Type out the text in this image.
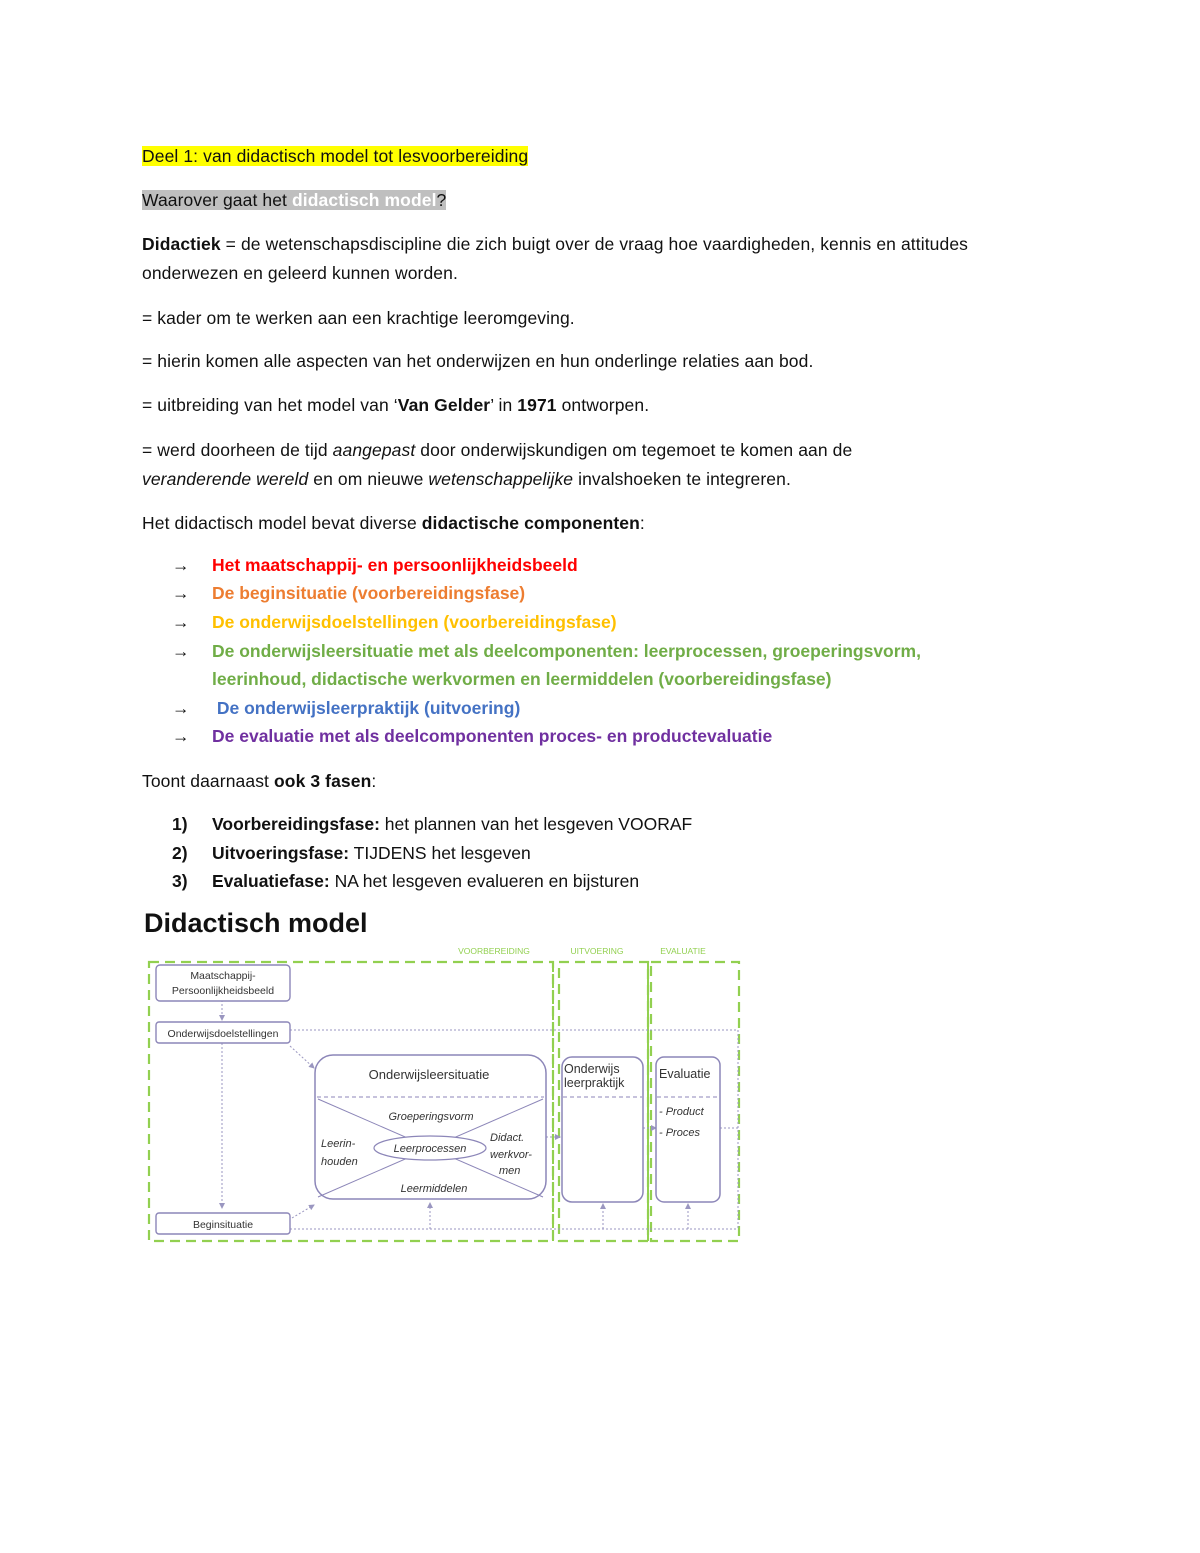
Deel 1: van didactisch model tot lesvoorbereiding
Waarover gaat het didactisch model?
Didactiek = de wetenschapsdiscipline die zich buigt over de vraag hoe vaardigheden, kennis en attitudes
onderwezen en geleerd kunnen worden.
= kader om te werken aan een krachtige leeromgeving.
= hierin komen alle aspecten van het onderwijzen en hun onderlinge relaties aan bod.
= uitbreiding van het model van ‘Van Gelder’ in 1971 ontworpen.
= werd doorheen de tijd aangepast door onderwijskundigen om tegemoet te komen aan de
veranderende wereld en om nieuwe wetenschappelijke invalshoeken te integreren.
Het didactisch model bevat diverse didactische componenten:
→ Het maatschappij- en persoonlijkheidsbeeld
→ De beginsituatie (voorbereidingsfase)
→ De onderwijsdoelstellingen (voorbereidingsfase)
→ De onderwijsleersituatie met als deelcomponenten: leerprocessen, groeperingsvorm,
leerinhoud, didactische werkvormen en leermiddelen (voorbereidingsfase)
→ De onderwijsleerpraktijk (uitvoering)
→ De evaluatie met als deelcomponenten proces- en productevaluatie
Toont daarnaast ook 3 fasen:
1) Voorbereidingsfase: het plannen van het lesgeven VOORAF
2) Uitvoeringsfase: TIJDENS het lesgeven
3) Evaluatiefase: NA het lesgeven evalueren en bijsturen
Didactisch model
VOORBEREIDING	UITVOERING	EVALUATIE
Maatschappij-
Persoonlijkheidsbeeld
Onderwijsdoelstellingen
Beginsituatie
Onderwijsleersituatie
Leerprocessen
Groeperingsvorm
Leerin-
houden
Didact.
werkvor-
men
Leermiddelen
Onderwijs
leerpraktijk
Evaluatie
- Product
- Proces
